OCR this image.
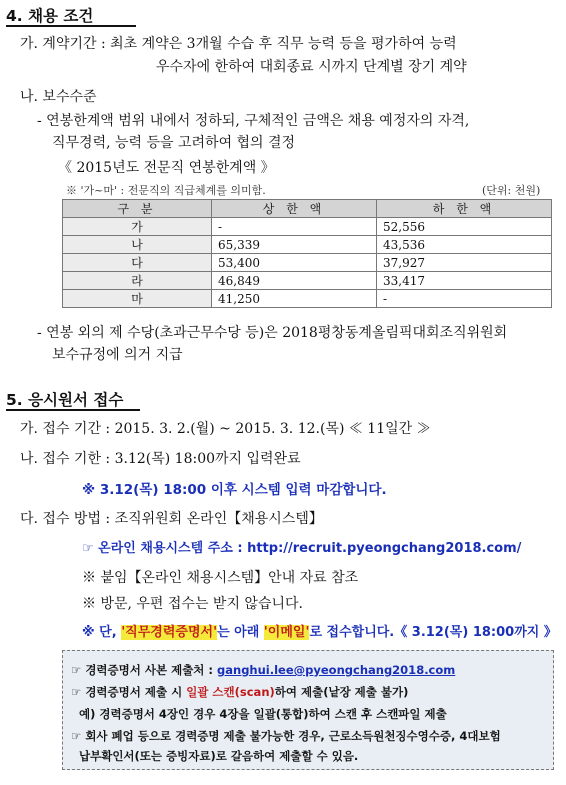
4. 채용 조건
가. 계약기간 : 최초 계약은 3개월 수습 후 직무 능력 등을 평가하여 능력
우수자에 한하여 대회종료 시까지 단계별 장기 계약
나. 보수수준
- 연봉한계액 범위 내에서 정하되, 구체적인 금액은 채용 예정자의 자격,
직무경력, 능력 등을 고려하여 협의 결정
《 2015년도 전문직 연봉한계액 》
※ '가~마' : 전문직의 직급체계를 의미함.	(단위: 천원)
구 분	상 한 액	하 한 액
가	-	52,556
나	65,339	43,536
다	53,400	37,927
라	46,849	33,417
마	41,250	-
- 연봉 외의 제 수당(초과근무수당 등)은 2018평창동계올림픽대회조직위원회
보수규정에 의거 지급
5. 응시원서 접수
가. 접수 기간 : 2015. 3. 2.(월) ~ 2015. 3. 12.(목) ≪ 11일간 ≫
나. 접수 기한 : 3.12(목) 18:00까지 입력완료
※ 3.12(목) 18:00 이후 시스템 입력 마감합니다.
다. 접수 방법 : 조직위원회 온라인【채용시스템】
☞ 온라인 채용시스템 주소 : http://recruit.pyeongchang2018.com/
※ 붙임【온라인 채용시스템】안내 자료 참조
※ 방문, 우편 접수는 받지 않습니다.
※ 단, '직무경력증명서'는 아래 '이메일'로 접수합니다.《 3.12(목) 18:00까지 》
☞ 경력증명서 사본 제출처 : ganghui.lee@pyeongchang2018.com
☞ 경력증명서 제출 시 일괄 스캔(scan)하여 제출(낱장 제출 불가)
예) 경력증명서 4장인 경우 4장을 일괄(통합)하여 스캔 후 스캔파일 제출
☞ 회사 폐업 등으로 경력증명 제출 불가능한 경우, 근로소득원천징수영수증, 4대보험
납부확인서(또는 증빙자료)로 갈음하여 제출할 수 있음.
